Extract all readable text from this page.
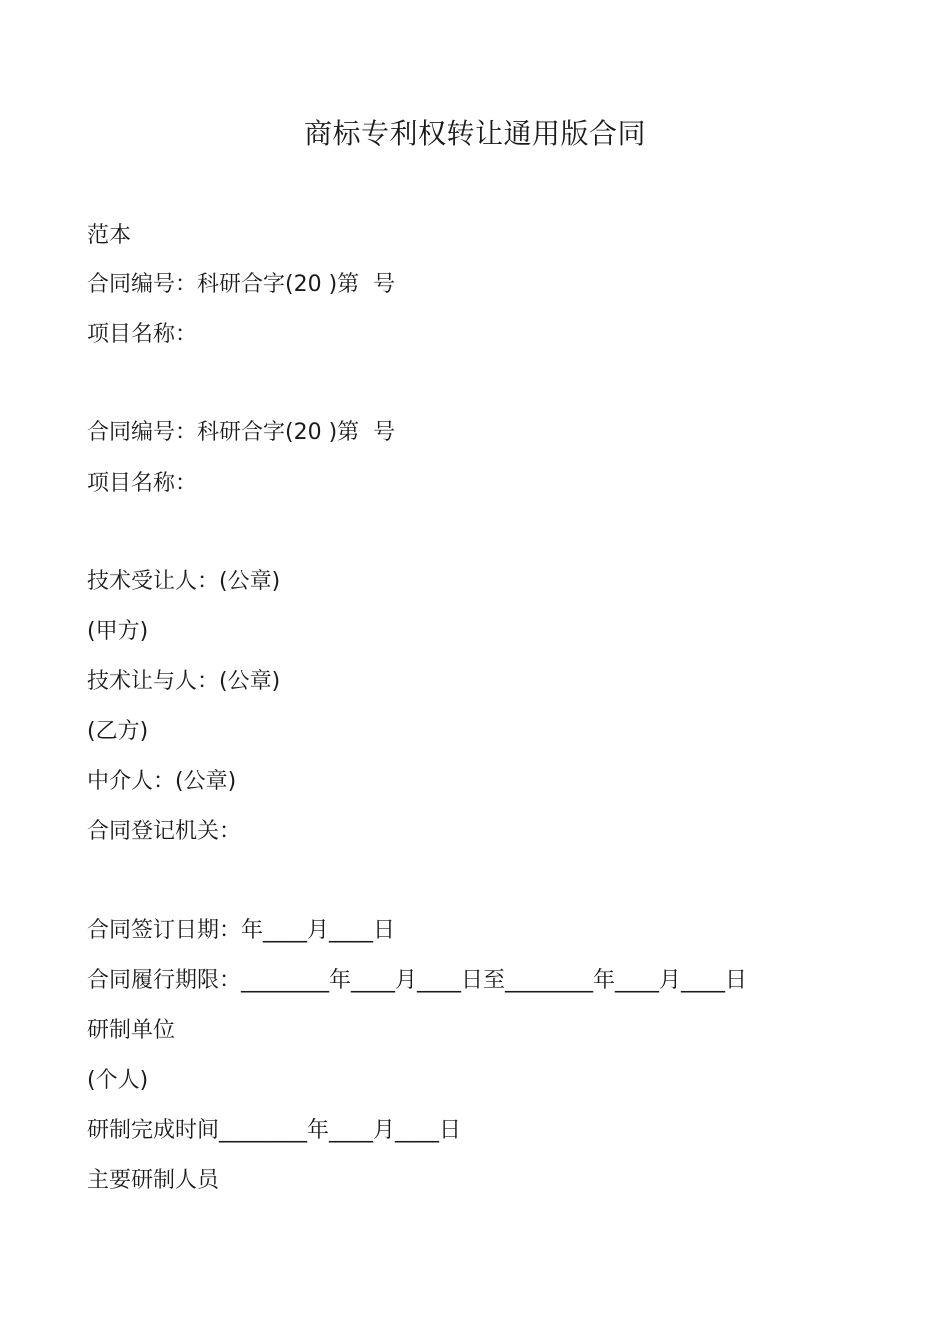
商标专利权转让通用版合同
范本
合同编号：科研合字(20 )第  号
项目名称：
合同编号：科研合字(20 )第  号
项目名称：
技术受让人：(公章)
(甲方)
技术让与人：(公章)
(乙方)
中介人：(公章)
合同登记机关：
合同签订日期：年____月____日
合同履行期限：________年____月____日至________年____月____日
研制单位
(个人)
研制完成时间________年____月____日
主要研制人员
